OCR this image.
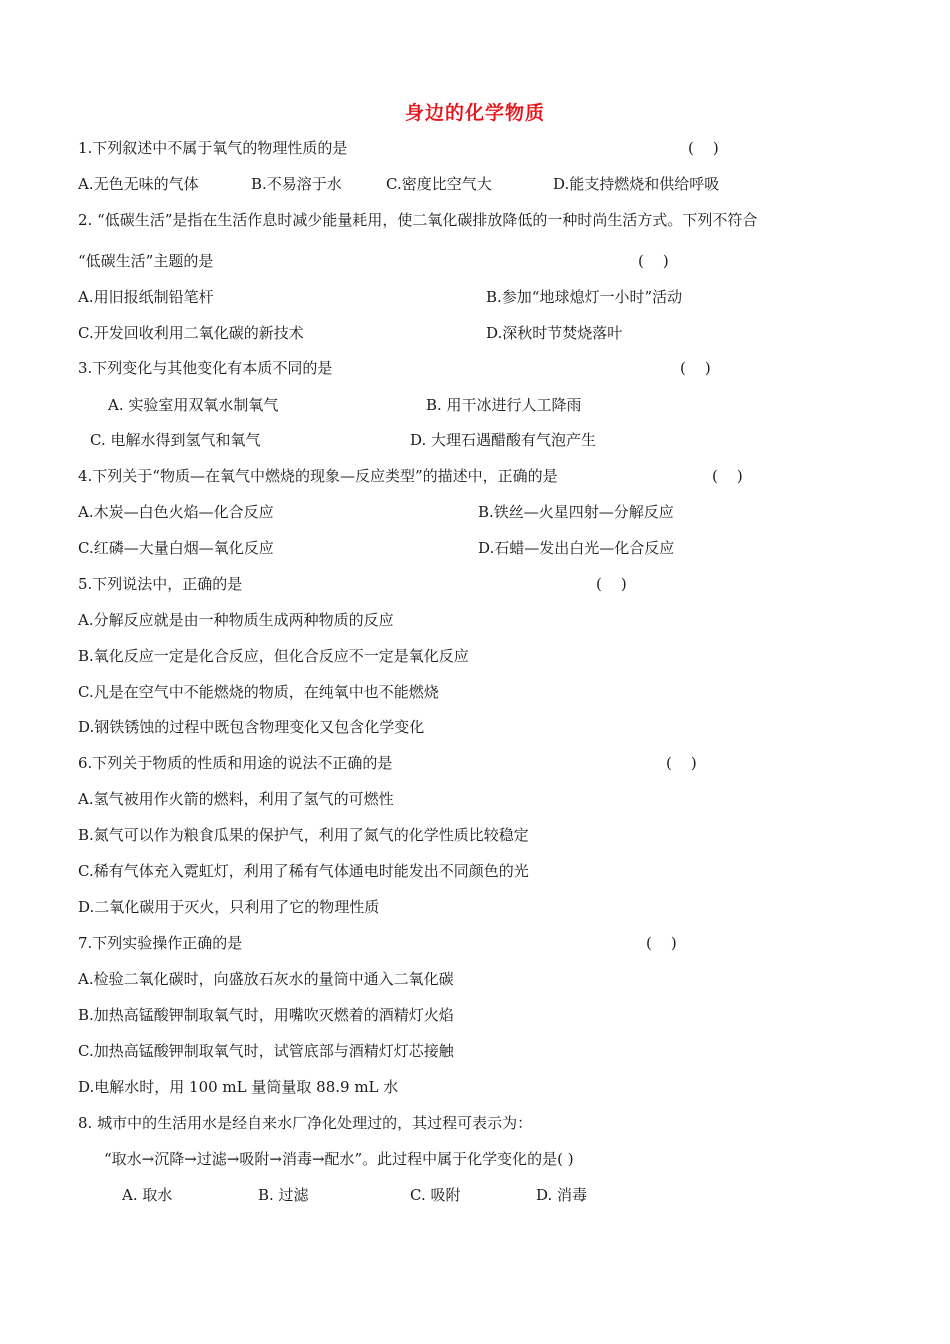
身边的化学物质
1.下列叙述中不属于氧气的物理性质的是	(    )
A.无色无味的气体	B.不易溶于水	C.密度比空气大	D.能支持燃烧和供给呼吸
2. “低碳生活”是指在生活作息时减少能量耗用，使二氧化碳排放降低的一种时尚生活方式。下列不符合
“低碳生活”主题的是	(    )
A.用旧报纸制铅笔杆	B.参加“地球熄灯一小时”活动
C.开发回收利用二氧化碳的新技术	D.深秋时节焚烧落叶
3.下列变化与其他变化有本质不同的是	(    )
A. 实验室用双氧水制氧气	B. 用干冰进行人工降雨
C. 电解水得到氢气和氧气	D. 大理石遇醋酸有气泡产生
4.下列关于“物质—在氧气中燃烧的现象—反应类型”的描述中，正确的是	(    )
A.木炭—白色火焰—化合反应	B.铁丝—火星四射—分解反应
C.红磷—大量白烟—氧化反应	D.石蜡—发出白光—化合反应
5.下列说法中，正确的是	(    )
A.分解反应就是由一种物质生成两种物质的反应
B.氧化反应一定是化合反应，但化合反应不一定是氧化反应
C.凡是在空气中不能燃烧的物质，在纯氧中也不能燃烧
D.钢铁锈蚀的过程中既包含物理变化又包含化学变化
6.下列关于物质的性质和用途的说法不正确的是	(    )
A.氢气被用作火箭的燃料，利用了氢气的可燃性
B.氮气可以作为粮食瓜果的保护气，利用了氮气的化学性质比较稳定
C.稀有气体充入霓虹灯，利用了稀有气体通电时能发出不同颜色的光
D.二氧化碳用于灭火，只利用了它的物理性质
7.下列实验操作正确的是	(    )
A.检验二氧化碳时，向盛放石灰水的量筒中通入二氧化碳
B.加热高锰酸钾制取氧气时，用嘴吹灭燃着的酒精灯火焰
C.加热高锰酸钾制取氧气时，试管底部与酒精灯灯芯接触
D.电解水时，用 100 mL 量筒量取 88.9 mL 水
8. 城市中的生活用水是经自来水厂净化处理过的，其过程可表示为：
“取水→沉降→过滤→吸附→消毒→配水”。此过程中属于化学变化的是( )
A. 取水	B. 过滤	C. 吸附	D. 消毒
